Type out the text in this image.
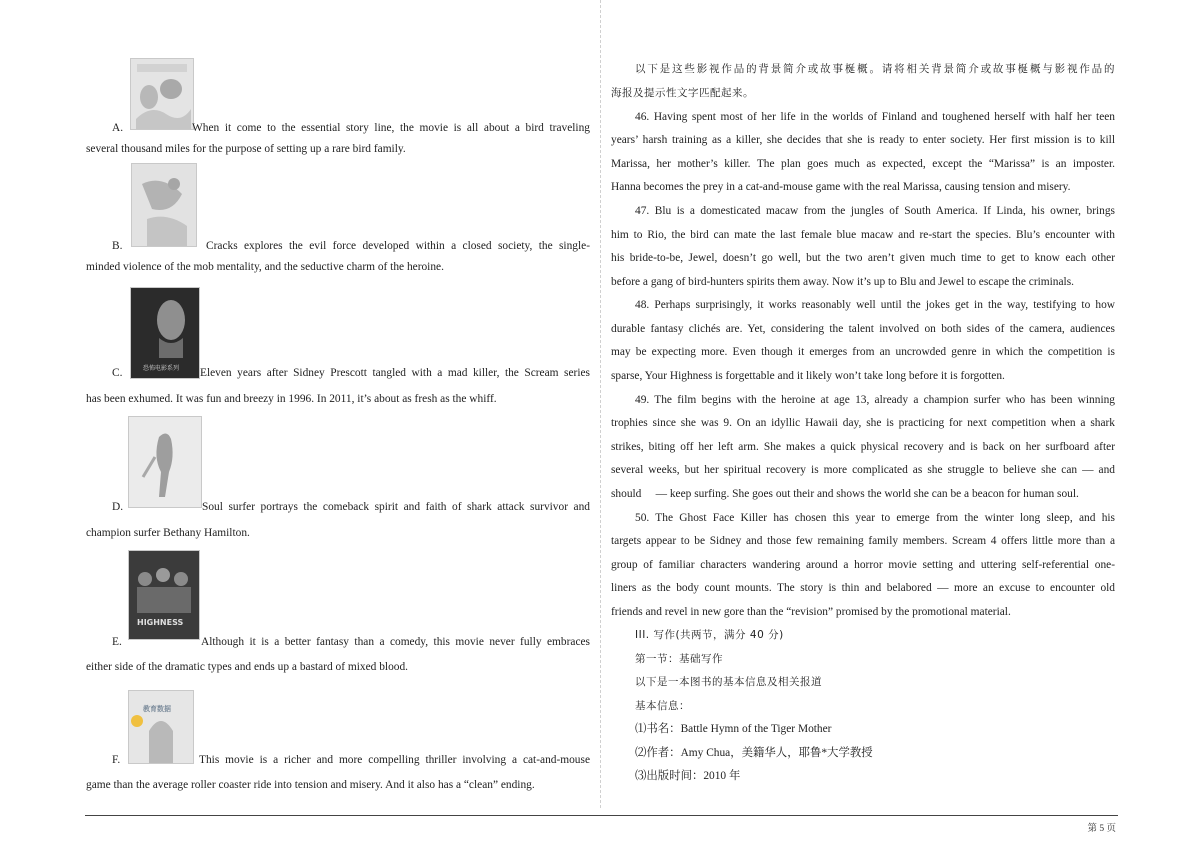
A.	When it come to the essential story line, the movie is all about a bird traveling
several thousand miles for the purpose of setting up a rare bird family.
B.	Cracks explores the evil force developed within a closed society, the single-
minded violence of the mob mentality, and the seductive charm of the heroine.
恐怖电影系列
C.	Eleven years after Sidney Prescott tangled with a mad killer, the Scream series
has been exhumed. It was fun and breezy in 1996. In 2011, it’s about as fresh as the whiff.
D.	Soul surfer portrays the comeback spirit and faith of shark attack survivor and
champion surfer Bethany Hamilton.
HIGHNESS
E.	Although it is a better fantasy than a comedy, this movie never fully embraces
either side of the dramatic types and ends up a bastard of mixed blood.
教育数据
F.	This movie is a richer and more compelling thriller involving a cat-and-mouse
game than the average roller coaster ride into tension and misery. And it also has a “clean” ending.
以下是这些影视作品的背景简介或故事梴概。请将相关背景简介或故事梴概与影视作品的
海报及提示性文字匹配起来。
46. Having spent most of her life in the worlds of Finland and toughened herself with half her teen
years’ harsh training as a killer, she decides that she is ready to enter society. Her first mission is to kill
Marissa, her mother’s killer. The plan goes much as expected, except the “Marissa” is an imposter.
Hanna becomes the prey in a cat-and-mouse game with the real Marissa, causing tension and misery.
47. Blu is a domesticated macaw from the jungles of South America. If Linda, his owner, brings
him to Rio, the bird can mate the last female blue macaw and re-start the species. Blu’s encounter with
his bride-to-be, Jewel, doesn’t go well, but the two aren’t given much time to get to know each other
before a gang of bird-hunters spirits them away. Now it’s up to Blu and Jewel to escape the criminals.
48. Perhaps surprisingly, it works reasonably well until the jokes get in the way, testifying to how
durable fantasy clichés are. Yet, considering the talent involved on both sides of the camera, audiences
may be expecting more. Even though it emerges from an uncrowded genre in which the competition is
sparse, Your Highness is forgettable and it likely won’t take long before it is forgotten.
49. The film begins with the heroine at age 13, already a champion surfer who has been winning
trophies since she was 9. On an idyllic Hawaii day, she is practicing for next competition when a shark
strikes, biting off her left arm. She makes a quick physical recovery and is back on her surfboard after
several weeks, but her spiritual recovery is more complicated as she struggle to believe she can — and
should     — keep surfing. She goes out their and shows the world she can be a beacon for human soul.
50. The Ghost Face Killer has chosen this year to emerge from the winter long sleep, and his
targets appear to be Sidney and those few remaining family members. Scream 4 offers little more than a
group of familiar characters wandering around a horror movie setting and uttering self-referential one-
liners as the body count mounts. The story is thin and belabored — more an excuse to encounter old
friends and revel in new gore than the “revision” promised by the promotional material.
III. 写作(共两节，满分 40 分)
第一节：基础写作
以下是一本图书的基本信息及相关报道
基本信息：
⑴书名：Battle Hymn of the Tiger Mother
⑵作者：Amy Chua，美籍华人，耶鲁*大学教授
⑶出版时间：2010 年
第 5 页
